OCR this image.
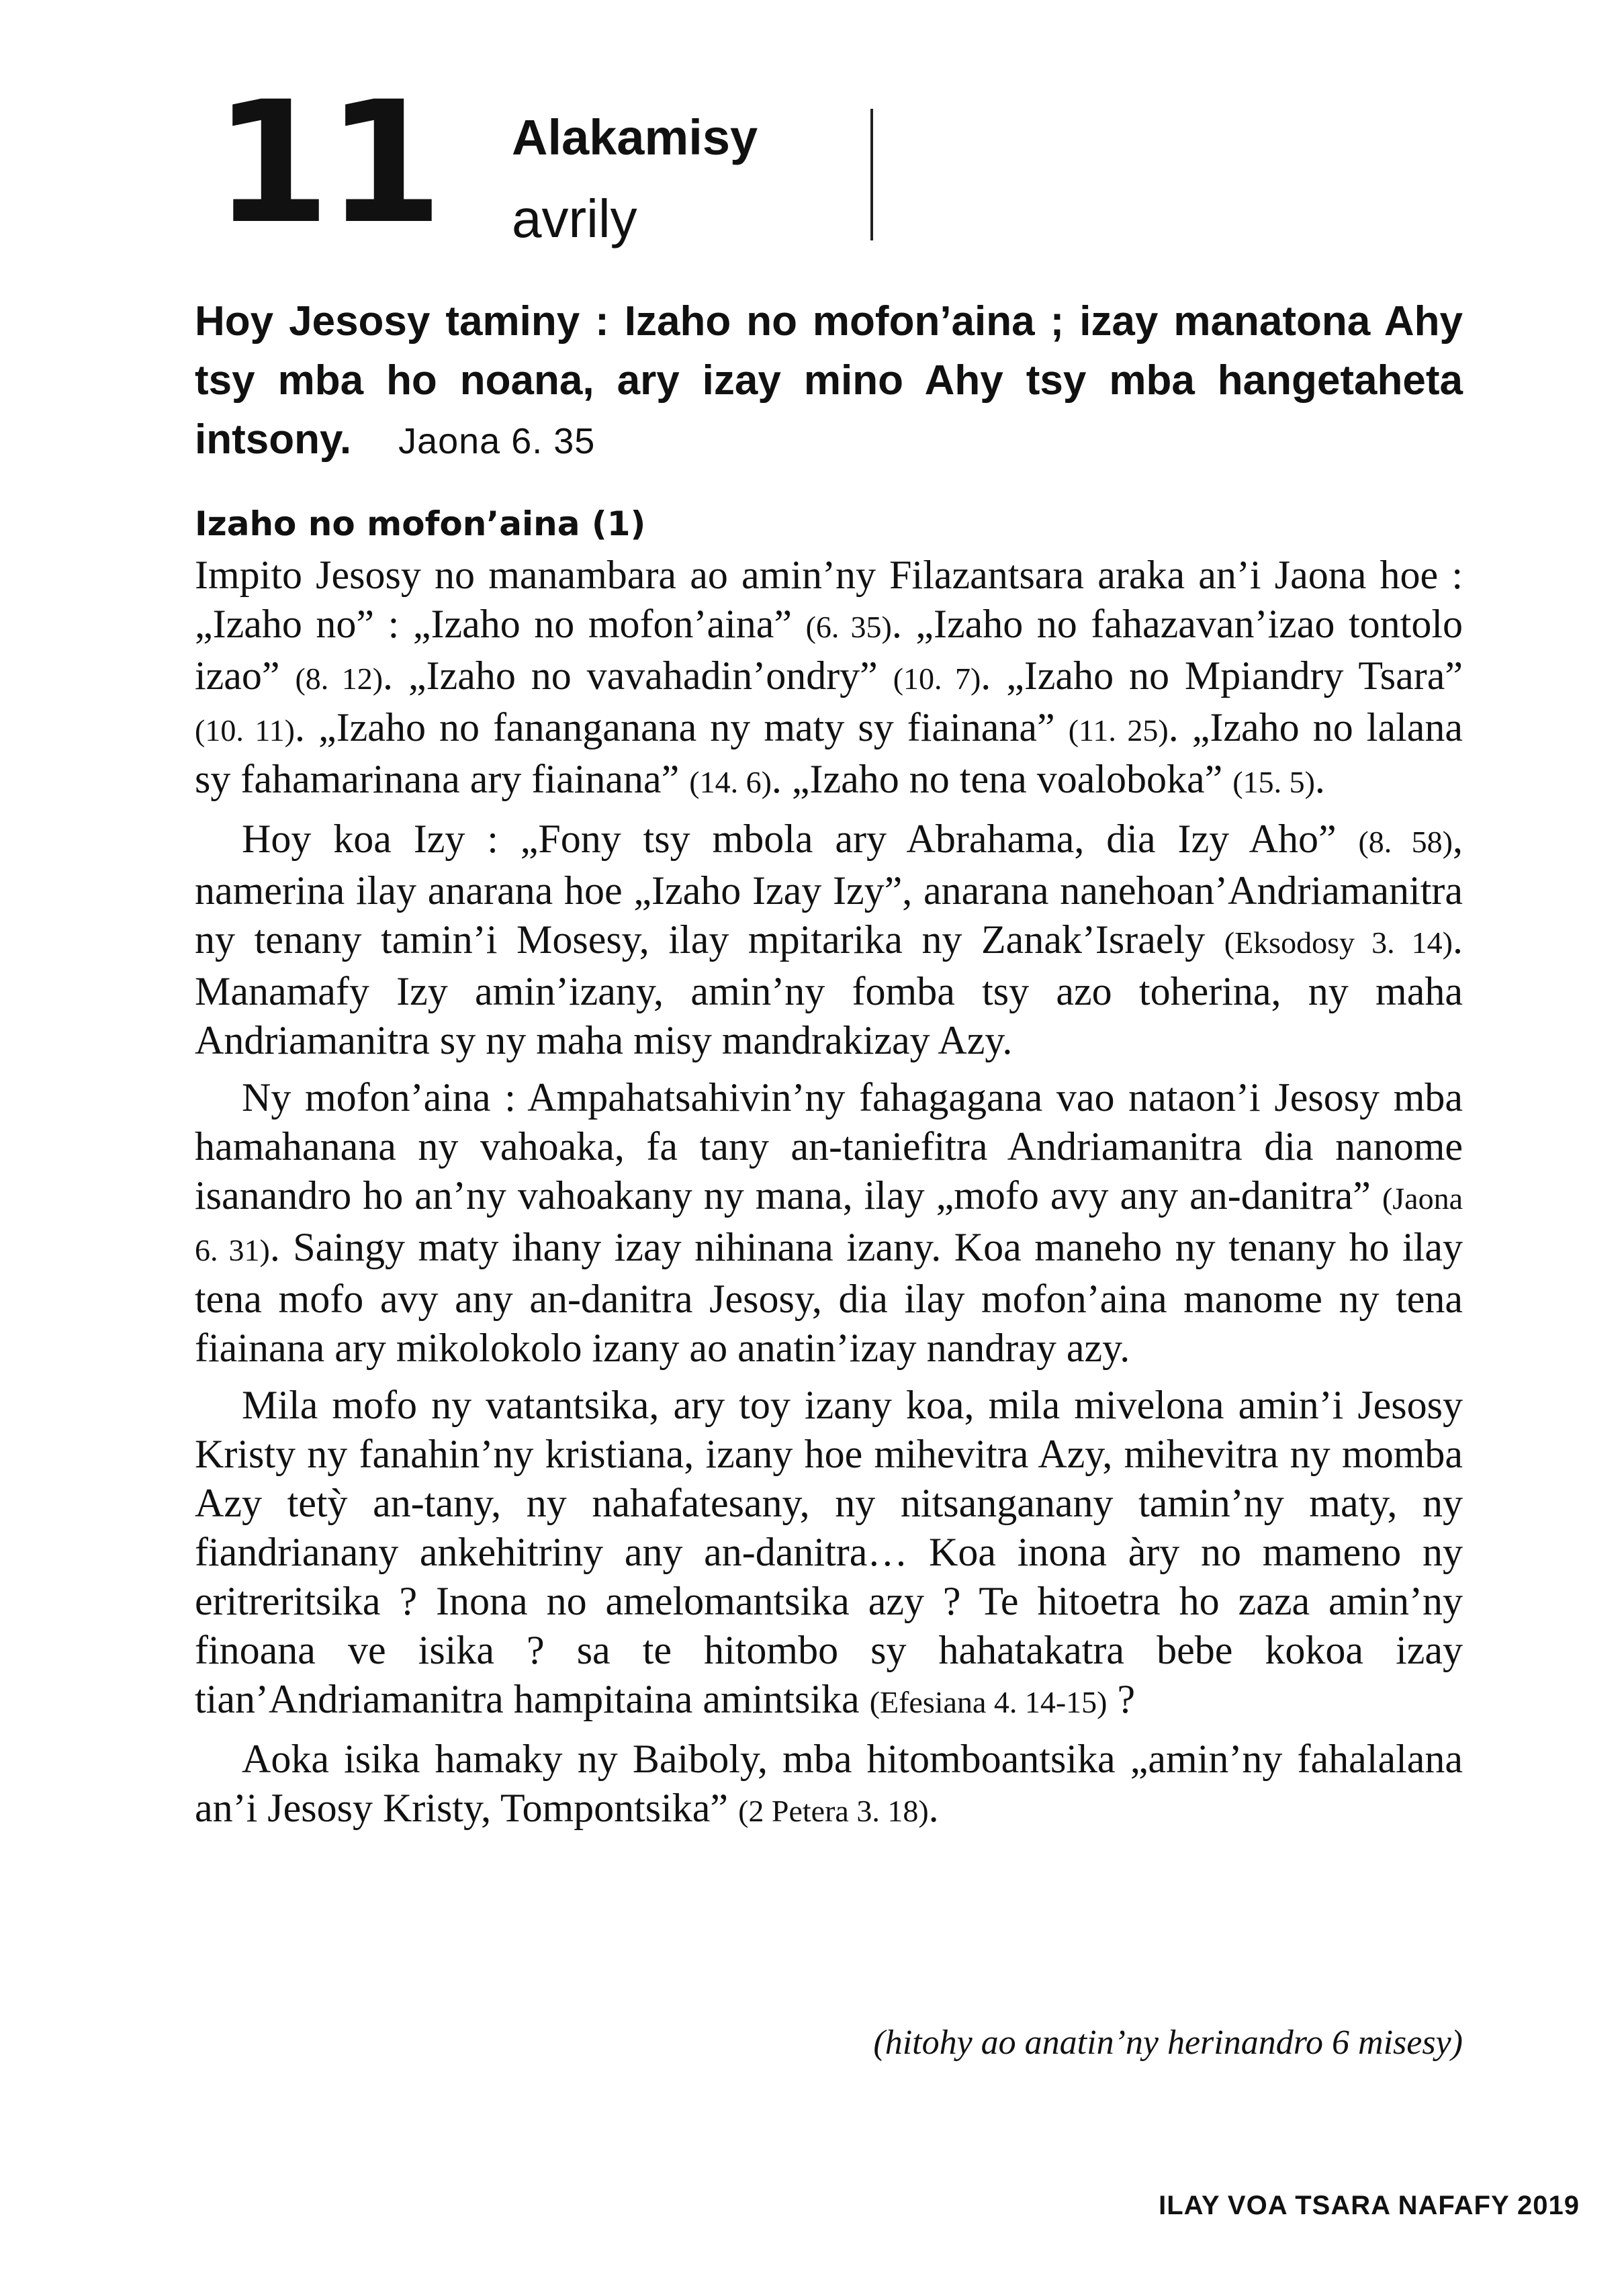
11 Alakamisy
avrily
Hoy Jesosy taminy : Izaho no mofon’aina ; izay manatona Ahy tsy mba ho noana, ary izay mino Ahy tsy mba hangetaheta intsony. Jaona 6. 35
Izaho no mofon’aina (1)

Impito Jesosy no manambara ao amin’ny Filazantsara araka an’i Jaona hoe : „Izaho no” : „Izaho no mofon’aina” (6. 35). „Izaho no fahazavan’izao tontolo izao” (8. 12). „Izaho no vavahadin’ondry” (10. 7). „Izaho no Mpiandry Tsara” (10. 11). „Izaho no fananganana ny maty sy fiainana” (11. 25). „Izaho no lalana sy fahamarinana ary fiainana” (14. 6). „Izaho no tena voaloboka” (15. 5).

Hoy koa Izy : „Fony tsy mbola ary Abrahama, dia Izy Aho” (8. 58), namerina ilay anarana hoe „Izaho Izay Izy”, anarana nanehoan’Andriamanitra ny tenany tamin’i Mosesy, ilay mpitarika ny Zanak’Israely (Eksodosy 3. 14). Manamafy Izy amin’izany, amin’ny fomba tsy azo toherina, ny maha Andriamanitra sy ny maha misy mandrakizay Azy.

Ny mofon’aina : Ampahatsahivin’ny fahagagana vao nataon’i Jesosy mba hamahanana ny vahoaka, fa tany an-taniefitra Andriamanitra dia nanome isanandro ho an’ny vahoakany ny mana, ilay „mofo avy any an-danitra” (Jaona 6. 31). Saingy maty ihany izay nihinana izany. Koa maneho ny tenany ho ilay tena mofo avy any an-danitra Jesosy, dia ilay mofon’aina manome ny tena fiainana ary mikolokolo izany ao anatin’izay nandray azy.

Mila mofo ny vatantsika, ary toy izany koa, mila mivelona amin’i Jesosy Kristy ny fanahin’ny kristiana, izany hoe mihevitra Azy, mihevitra ny momba Azy tetỳ an-tany, ny nahafatesany, ny nitsanganany tamin’ny maty, ny fiandrianany ankehitriny any an-danitra… Koa inona àry no mameno ny eritreritsika ? Inona no amelomantsika azy ? Te hitoetra ho zaza amin’ny finoana ve isika ? sa te hitombo sy hahatakatra bebe kokoa izay tian’Andriamanitra hampitaina amintsika (Efesiana 4. 14-15) ?

Aoka isika hamaky ny Baiboly, mba hitomboantsika „amin’ny fahalalana an’i Jesosy Kristy, Tompontsika” (2 Petera 3. 18).

(hitohy ao anatin’ny herinandro 6 misesy)
ILAY VOA TSARA NAFAFY 2019
